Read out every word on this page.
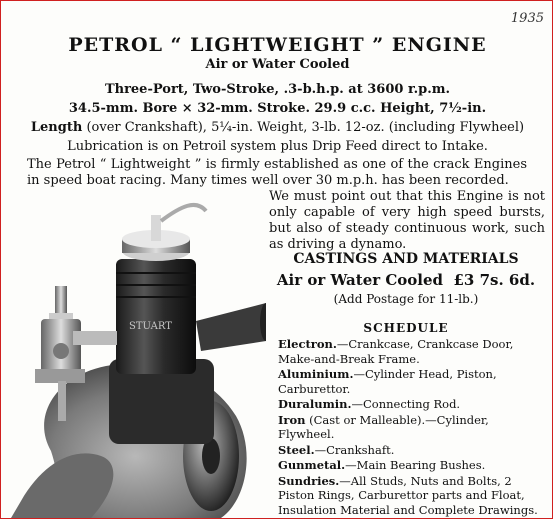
1935
PETROL “ LIGHTWEIGHT ” ENGINE
Air or Water Cooled
Three-Port, Two-Stroke, .3-b.h.p. at 3600 r.p.m.
34.5-mm. Bore × 32-mm. Stroke. 29.9 c.c. Height, 7½-in.
Length (over Crankshaft), 5¼-in. Weight, 3-lb. 12-oz. (including Flywheel)
Lubrication is on Petroil system plus Drip Feed direct to Intake.
The Petrol “ Lightweight ” is firmly established as one of the crack Engines in speed boat racing. Many times well over 30 m.p.h. has been recorded.
We must point out that this Engine is not only capable of very high speed bursts, but also of steady continuous work, such as driving a dynamo.
CASTINGS AND MATERIALS
Air or Water Cooled £3 7s. 6d.
(Add Postage for 11-lb.)
SCHEDULE

Electron.—Crankcase, Crankcase Door, Make-and-Break Frame.

Aluminium.—Cylinder Head, Piston, Carburettor.

Duralumin.—Connecting Rod.

Iron (Cast or Malleable).—Cylinder, Flywheel.

Steel.—Crankshaft.

Gunmetal.—Main Bearing Bushes.

Sundries.—All Studs, Nuts and Bolts, 2 Piston Rings, Carburettor parts and Float, Insulation Material and Complete Drawings.

STUART
